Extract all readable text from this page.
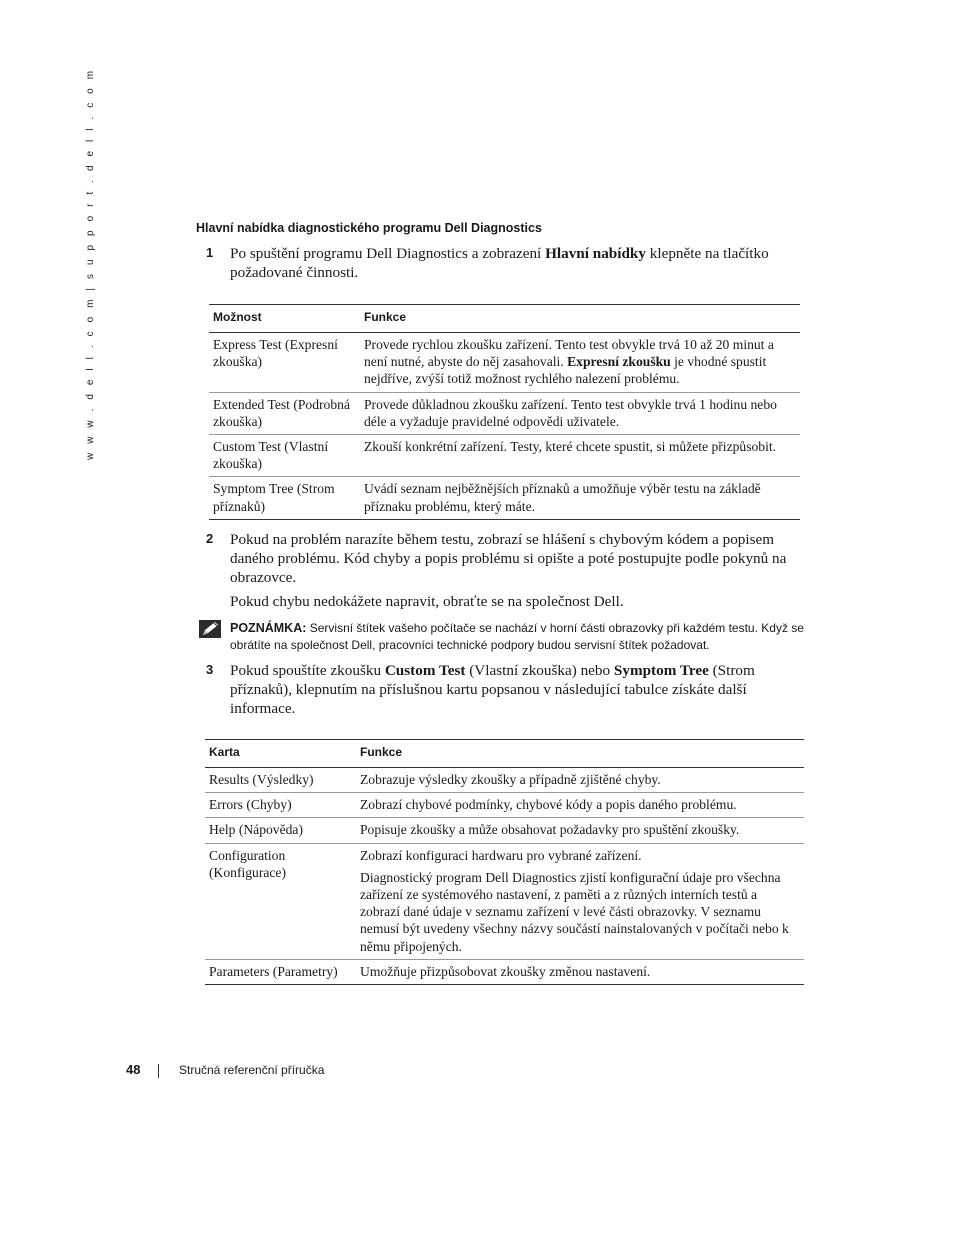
w w w . d e l l . c o m | s u p p o r t . d e l l . c o m	Hlavní nabídka diagnostického programu Dell Diagnostics
1 Po spuštění programu Dell Diagnostics a zobrazení Hlavní nabídky klepněte na tlačítko požadované činnosti.
Možnost	Funkce
Express Test (Expresní zkouška)	Provede rychlou zkoušku zařízení. Tento test obvykle trvá 10 až 20 minut a není nutné, abyste do něj zasahovali. Expresní zkoušku je vhodné spustit nejdříve, zvýší totiž možnost rychlého nalezení problému.
Extended Test (Podrobná zkouška)	Provede důkladnou zkoušku zařízení. Tento test obvykle trvá 1 hodinu nebo déle a vyžaduje pravidelné odpovědi uživatele.
Custom Test (Vlastní zkouška)	Zkouší konkrétní zařízení. Testy, které chcete spustit, si můžete přizpůsobit.
Symptom Tree (Strom příznaků)	Uvádí seznam nejběžnějších příznaků a umožňuje výběr testu na základě příznaku problému, který máte.
2 Pokud na problém narazíte během testu, zobrazí se hlášení s chybovým kódem a popisem daného problému. Kód chyby a popis problému si opište a poté postupujte podle pokynů na obrazovce.
Pokud chybu nedokážete napravit, obraťte se na společnost Dell.
POZNÁMKA: Servisní štítek vašeho počítače se nachází v horní části obrazovky při každém testu. Když se obrátíte na společnost Dell, pracovníci technické podpory budou servisní štítek požadovat.
3 Pokud spouštíte zkoušku Custom Test (Vlastní zkouška) nebo Symptom Tree (Strom příznaků), klepnutím na příslušnou kartu popsanou v následující tabulce získáte další informace.
Karta	Funkce
Results (Výsledky)	Zobrazuje výsledky zkoušky a případně zjištěné chyby.
Errors (Chyby)	Zobrazí chybové podmínky, chybové kódy a popis daného problému.
Help (Nápověda)	Popisuje zkoušky a může obsahovat požadavky pro spuštění zkoušky.
Configuration (Konfigurace)	Zobrazí konfiguraci hardwaru pro vybrané zařízení.

Diagnostický program Dell Diagnostics zjistí konfigurační údaje pro všechna zařízení ze systémového nastavení, z paměti a z různých interních testů a zobrazí dané údaje v seznamu zařízení v levé části obrazovky. V seznamu nemusí být uvedeny všechny názvy součástí nainstalovaných v počítači nebo k němu připojených.

Parameters (Parametry)	Umožňuje přizpůsobovat zkoušky změnou nastavení.
48	Stručná referenční příručka
